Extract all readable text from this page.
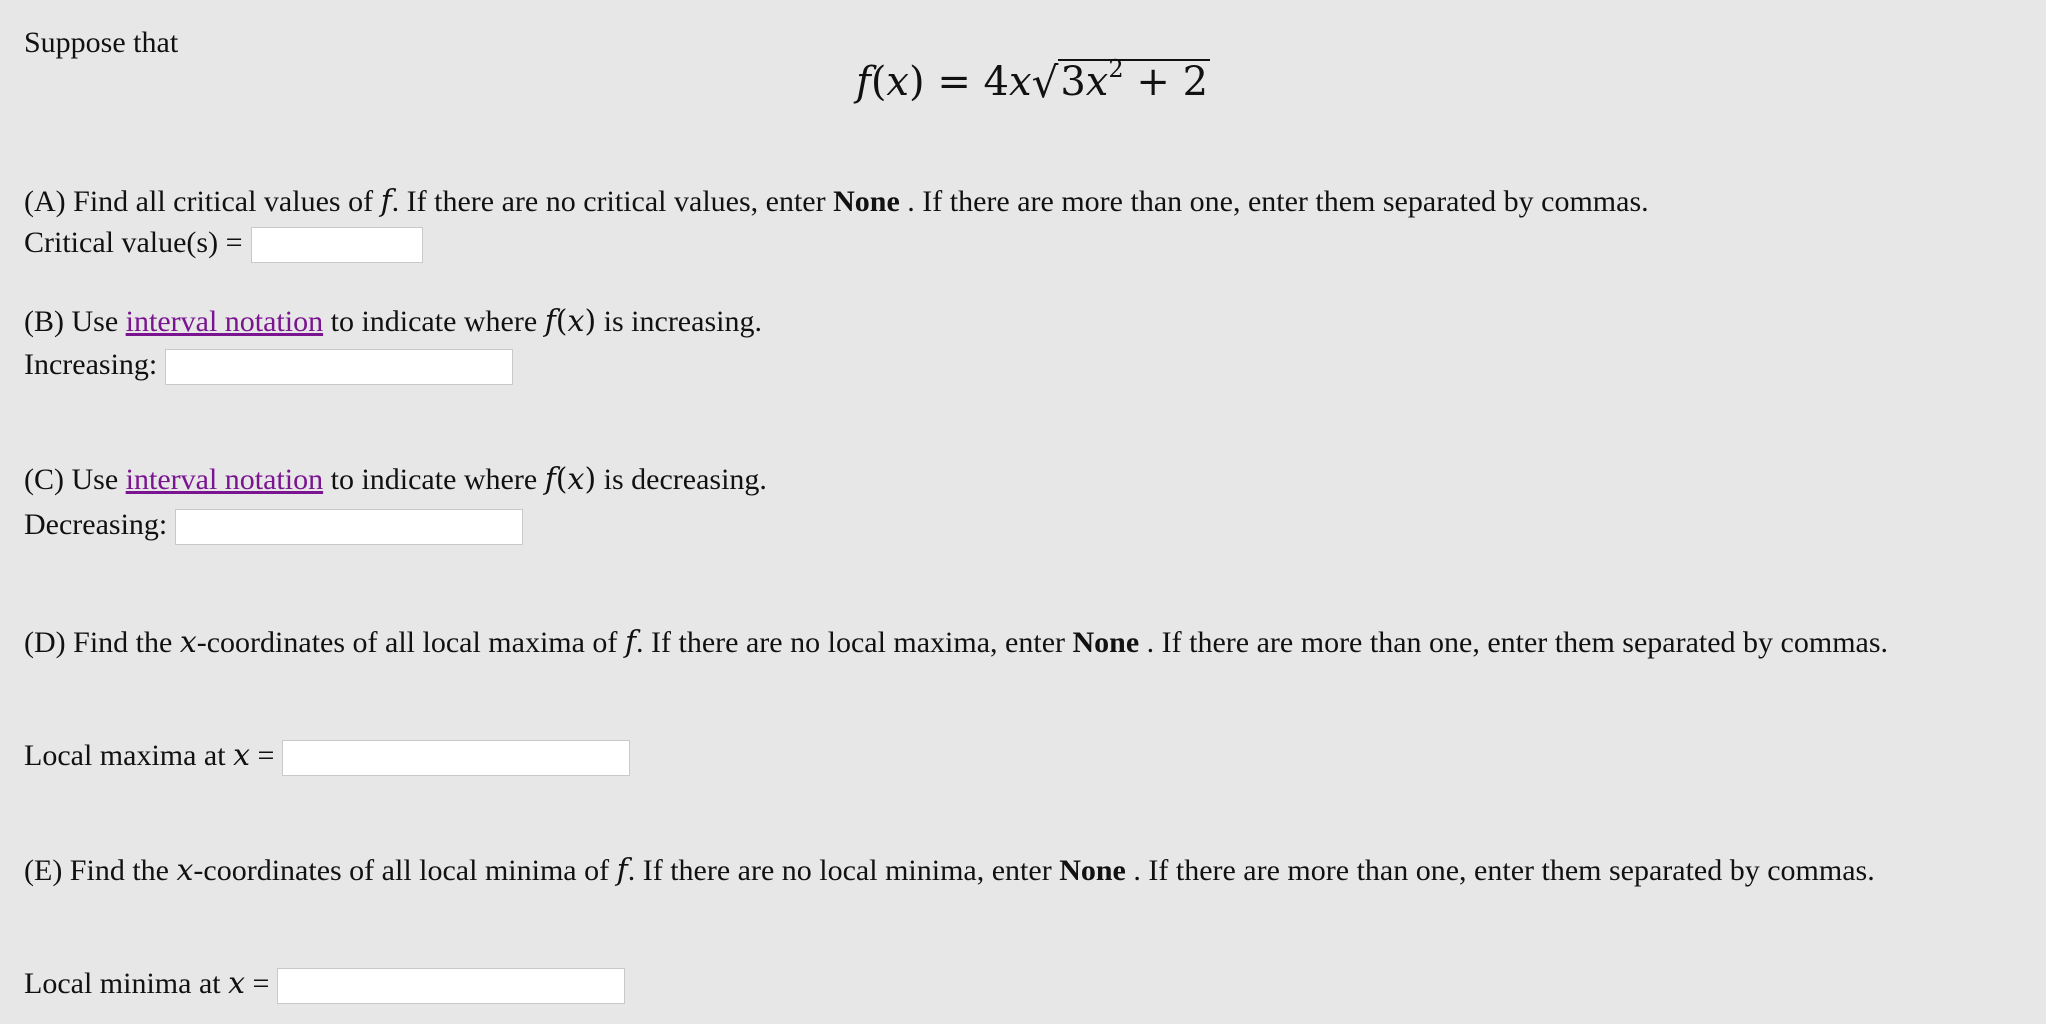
Suppose that
$f(x) = 4x√3x^2 + 2$
(A) Find all critical values of f. If there are no critical values, enter None . If there are more than one, enter them separated by commas.
Critical value(s) =
(B) Use interval notation to indicate where f(x) is increasing.
Increasing:
(C) Use interval notation to indicate where f(x) is decreasing.
Decreasing:
(D) Find the x-coordinates of all local maxima of f. If there are no local maxima, enter None . If there are more than one, enter them separated by commas.
Local maxima at x =
(E) Find the x-coordinates of all local minima of f. If there are no local minima, enter None . If there are more than one, enter them separated by commas.
Local minima at x =
